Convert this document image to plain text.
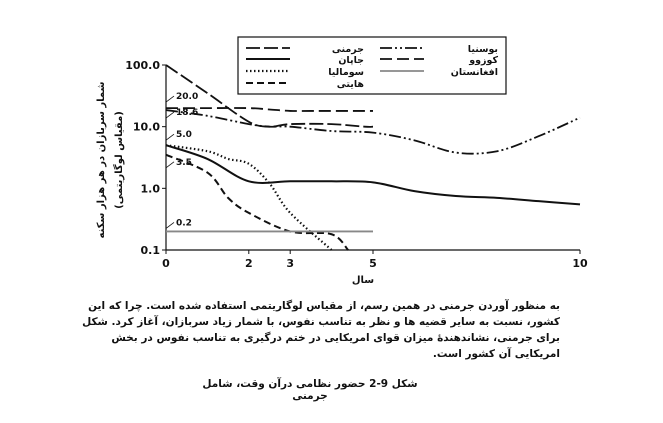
0.1
1.0
10.0
100.0
0	2	3	5	10
سال
شمار سربازان در هر هزار سکنه (مقیاس لوگاریتمی)
20.0
18.6
5.0
3.5
0.2
جرمنی
جاپان
سومالیا
هایتی
بوسنیا
کوزوو
افغانستان

به منظور آوردن جرمنی در همین رسم، از مقیاس لوگاریتمی استفاده شده است. چرا که این کشور، نسبت به سایر قضیه ها و نظر به تناسب نفوس، با شمار زیاد سربازان، آغاز کرد. شکل برای جرمنی، نشاندهندۀ میزان قوای امریکایی در ختم درگیری به تناسب نفوس در بخش امریکایی آن کشور است.

شکل 9-2 حضور نظامی درآن وقت، شامل جرمنی
